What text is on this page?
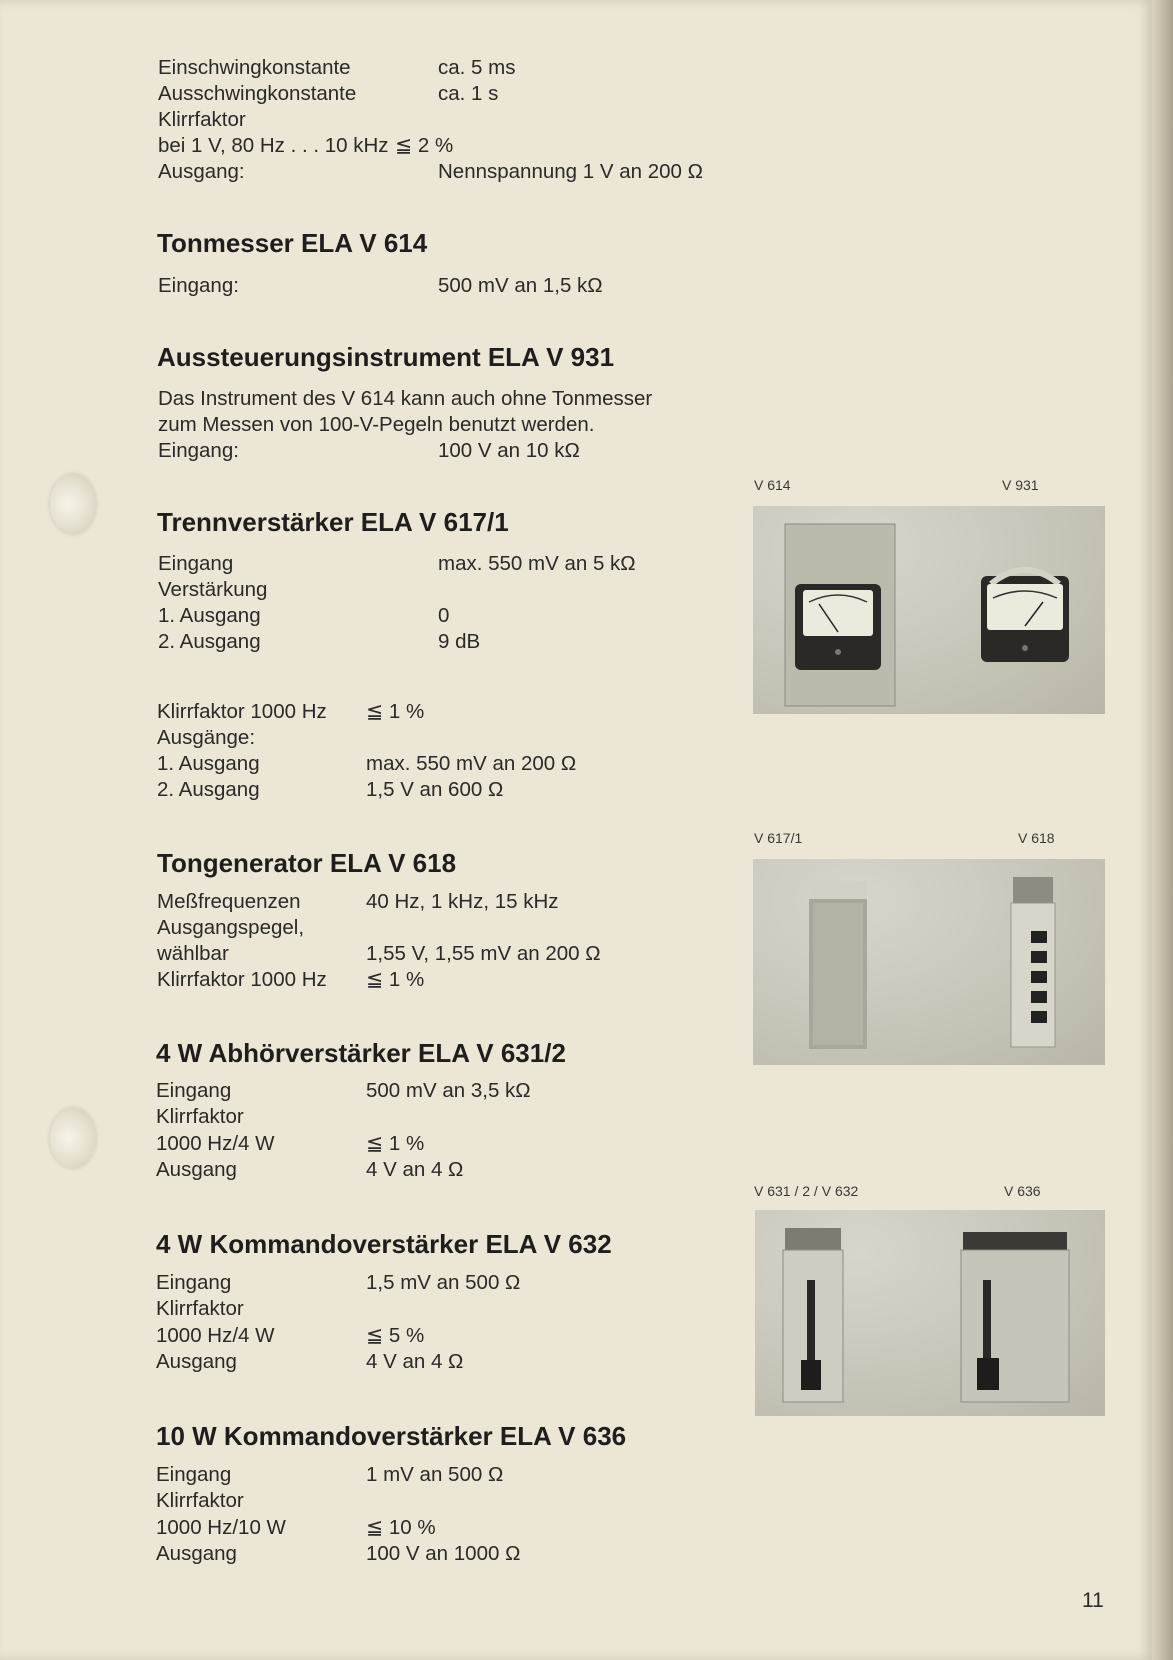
Einschwingkonstante	ca. 5 ms
Ausschwingkonstante	ca. 1 s
Klirrfaktor
bei 1 V, 80 Hz . . . 10 kHz ≦ 2 %
Ausgang:	Nennspannung 1 V an 200 Ω
Tonmesser ELA V 614
Eingang:	500 mV an 1,5 kΩ
Aussteuerungsinstrument ELA V 931
Das Instrument des V 614 kann auch ohne Tonmesser
zum Messen von 100-V-Pegeln benutzt werden.
Eingang:	100 V an 10 kΩ
Trennverstärker ELA V 617/1
Eingang	max. 550 mV an 5 kΩ
Verstärkung
1. Ausgang	0
2. Ausgang	9 dB
Klirrfaktor 1000 Hz ≦ 1 %
Ausgänge:
1. Ausgang	max. 550 mV an 200 Ω
2. Ausgang	1,5 V an 600 Ω
Tongenerator ELA V 618
Meßfrequenzen	40 Hz, 1 kHz, 15 kHz
Ausgangspegel,
wählbar	1,55 V, 1,55 mV an 200 Ω
Klirrfaktor 1000 Hz ≦ 1 %
4 W Abhörverstärker ELA V 631/2
Eingang	500 mV an 3,5 kΩ
Klirrfaktor
1000 Hz/4 W	≦ 1 %
Ausgang	4 V an 4 Ω
4 W Kommandoverstärker ELA V 632
Eingang	1,5 mV an 500 Ω
Klirrfaktor
1000 Hz/4 W	≦ 5 %
Ausgang	4 V an 4 Ω
10 W Kommandoverstärker ELA V 636
Eingang	1 mV an 500 Ω
Klirrfaktor
1000 Hz/10 W	≦ 10 %
Ausgang	100 V an 1000 Ω
V 614	V 931
V 617/1	V 618
V 631 / 2 / V 632	V 636
11
